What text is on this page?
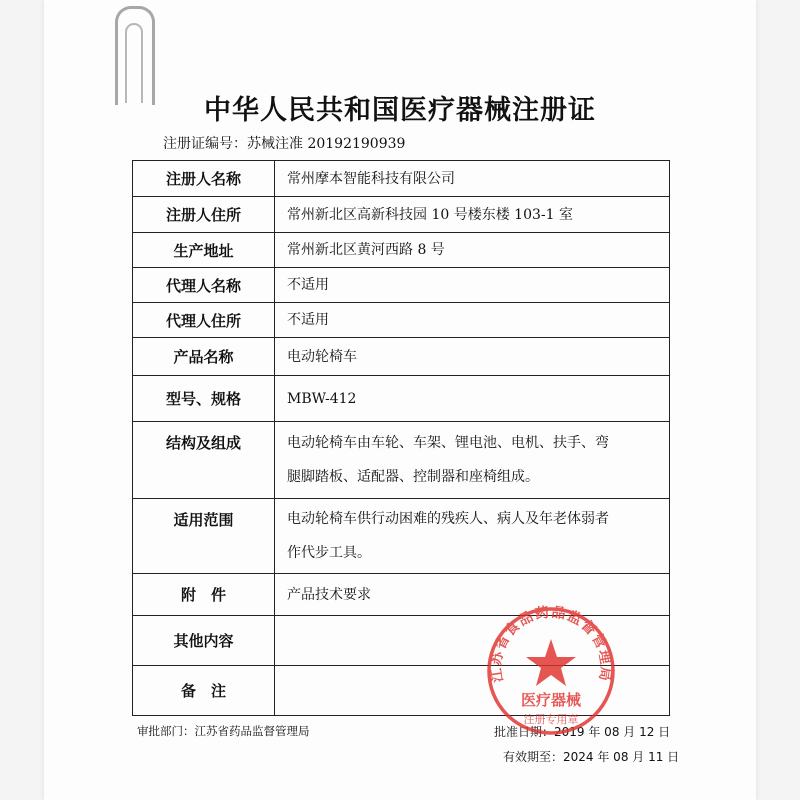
中华人民共和国医疗器械注册证
注册证编号：苏械注准 20192190939
注册人名称	常州摩本智能科技有限公司
注册人住所	常州新北区高新科技园 10 号楼东楼 103-1 室
生产地址	常州新北区黄河西路 8 号
代理人名称	不适用
代理人住所	不适用
产品名称	电动轮椅车
型号、规格	MBW-412
结构及组成	电动轮椅车由车轮、车架、锂电池、电机、扶手、弯
腿脚踏板、适配器、控制器和座椅组成。

适用范围	电动轮椅车供行动困难的残疾人、病人及年老体弱者
作代步工具。

附　件	产品技术要求
其他内容	
备　注	
审批部门：江苏省药品监督管理局	批准日期：2019 年 08 月 12 日
有效期至：2024 年 08 月 11 日
江苏省食品药品监督管理局
医疗器械
注册专用章
